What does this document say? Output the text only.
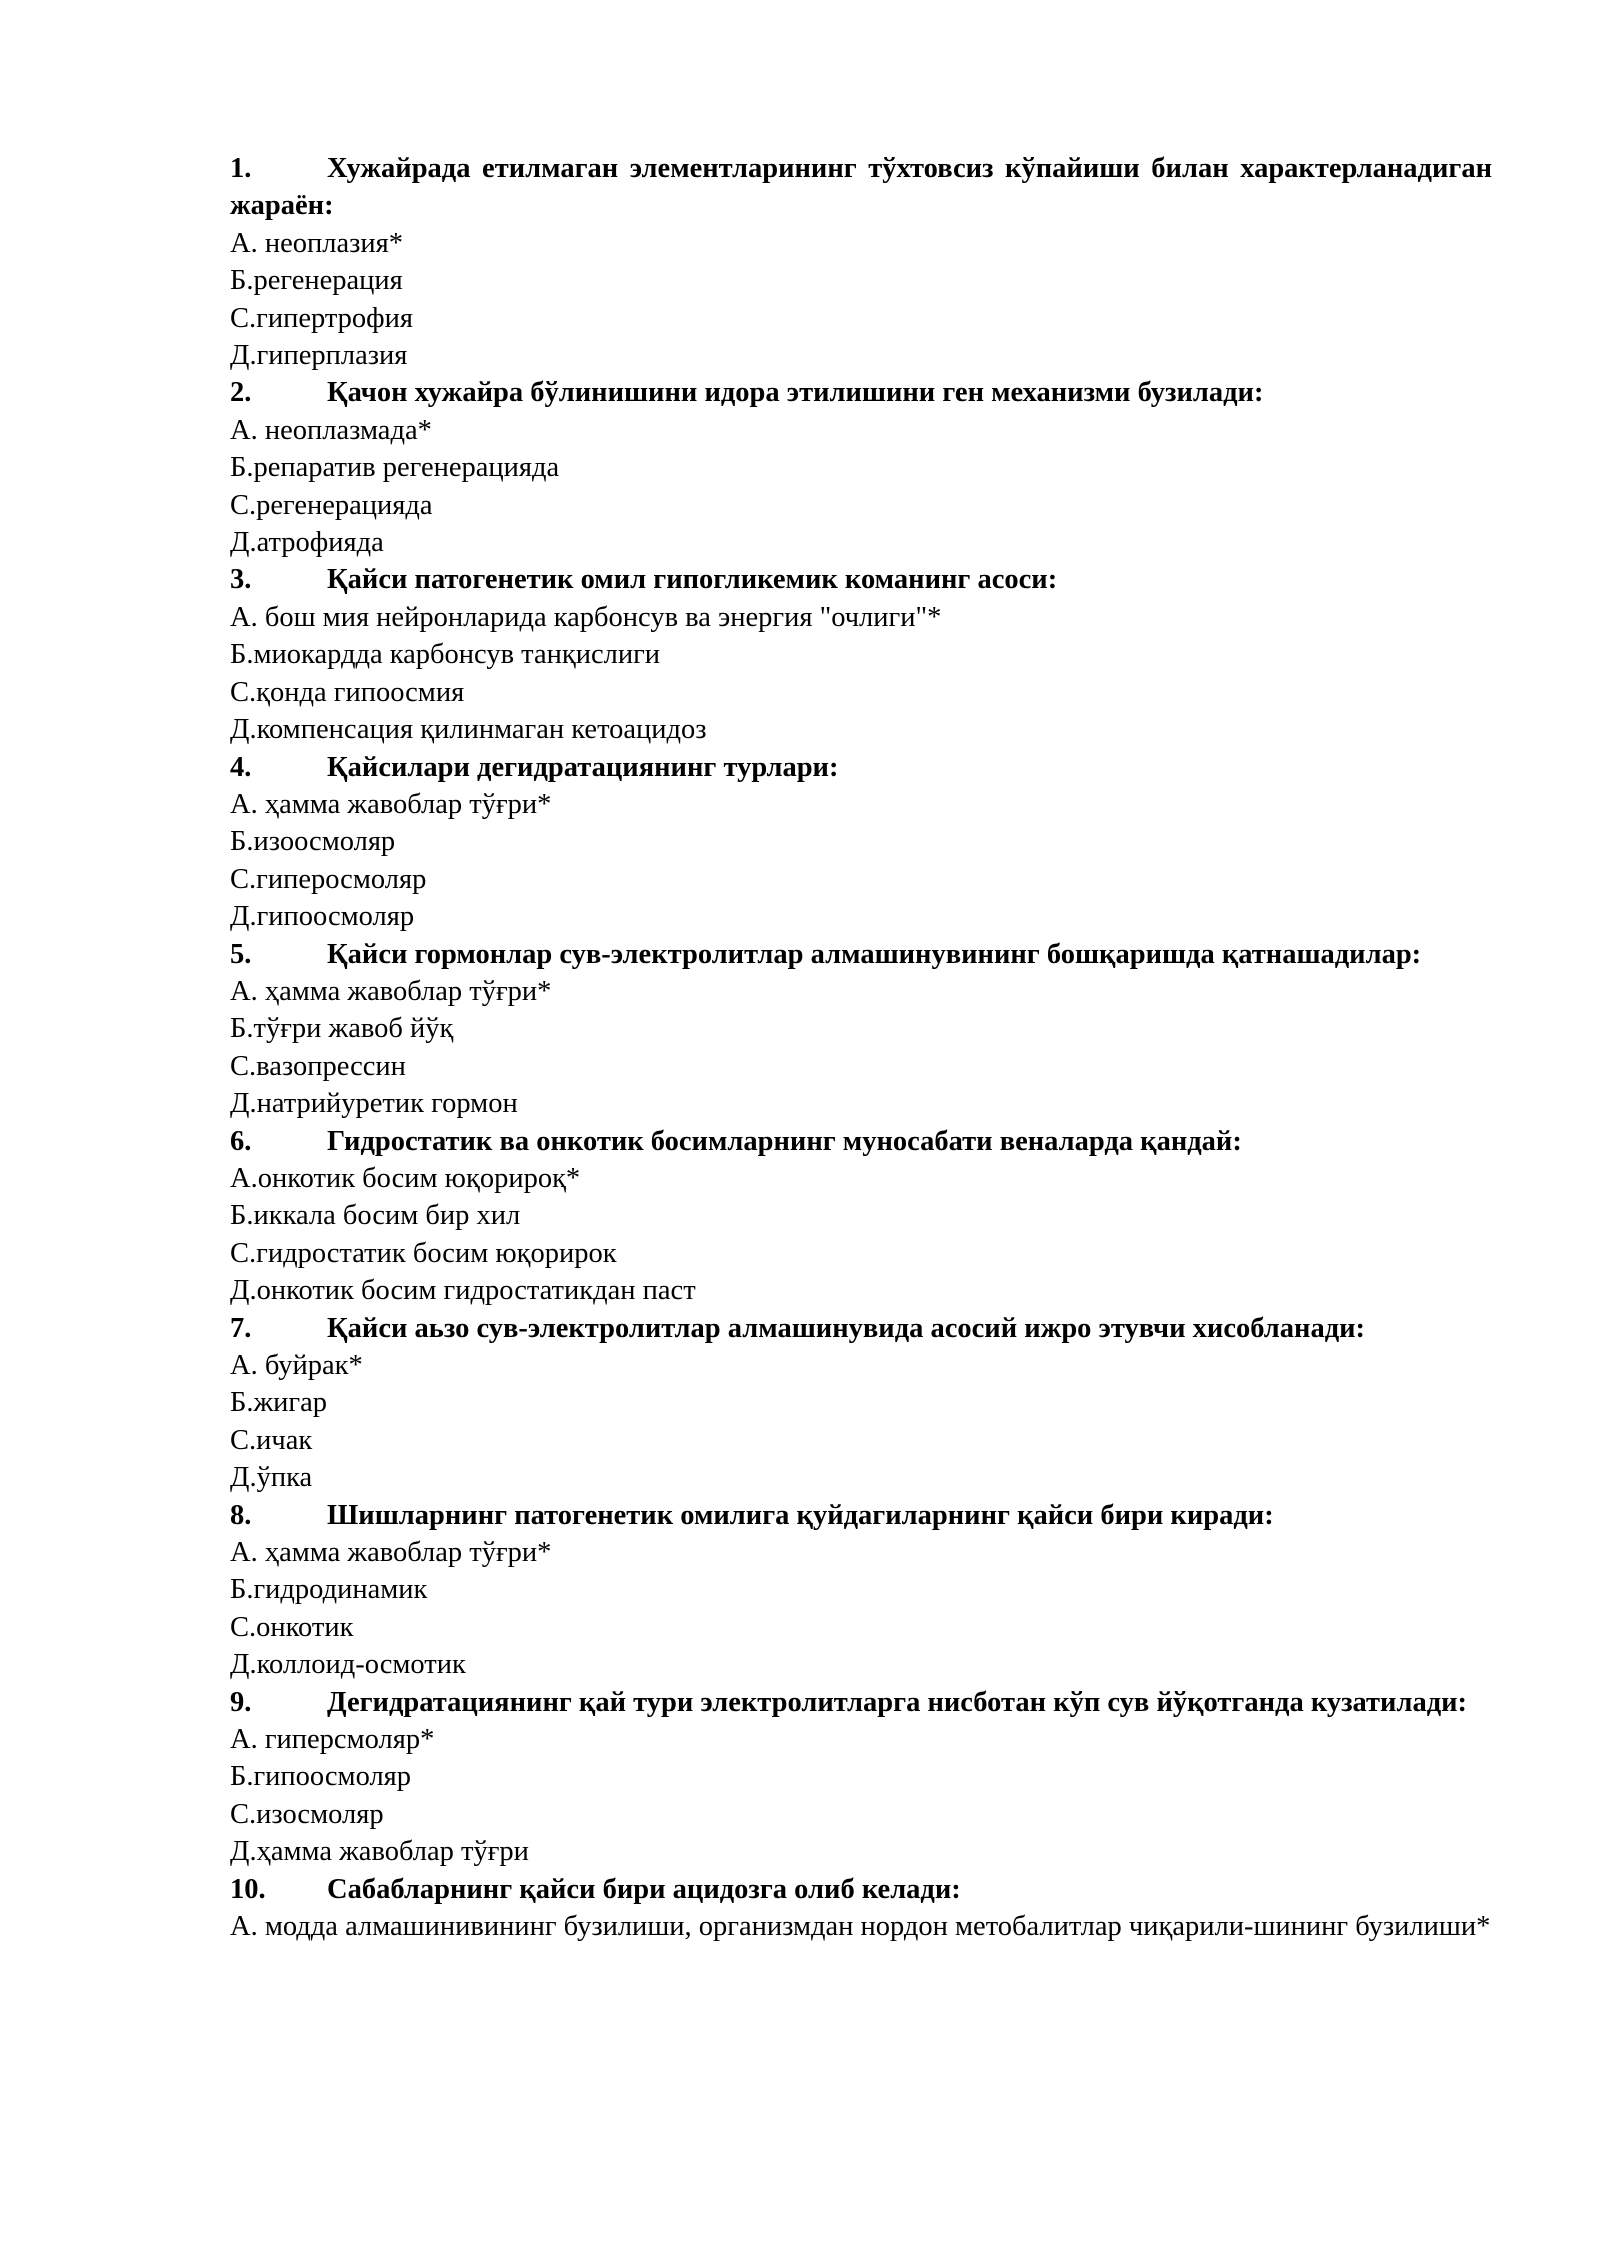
1.	Хужайрада етилмаган элементларининг тўхтовсиз кўпайиши билан характерланадиган жараён:
А. неоплазия*
Б.регенерация
С.гипертрофия
Д.гиперплазия
2.	Қачон хужайра бўлинишини идора этилишини ген механизми бузилади:
А. неоплазмада*
Б.репаратив регенерацияда
С.регенерацияда
Д.атрофияда
3.	Қайси патогенетик омил гипогликемик команинг асоси:
А. бош мия нейронларида карбонсув ва энергия "очлиги"*
Б.миокардда карбонсув танқислиги
С.қонда гипоосмия
Д.компенсация қилинмаган кетоацидоз
4.	Қайсилари дегидратациянинг турлари:
А. ҳамма жавоблар тўғри*
Б.изоосмоляр
С.гиперосмоляр
Д.гипоосмоляр
5.	Қайси гормонлар сув-электролитлар алмашинувининг бошқаришда қатнашадилар:
А. ҳамма жавоблар тўғри*
Б.тўғри жавоб йўқ
С.вазопрессин
Д.натрийуретик гормон
6.	Гидростатик ва онкотик босимларнинг муносабати веналарда қандай:
А.онкотик босим юқорироқ*
Б.иккала босим бир хил
С.гидростатик босим юқорирок
Д.онкотик босим гидростатикдан паст
7.	Қайси аьзо сув-электролитлар алмашинувида асосий ижро этувчи хисобланади:
А. буйрак*
Б.жигар
С.ичак
Д.ўпка
8.	Шишларнинг патогенетик омилига қуйдагиларнинг қайси бири киради:
А. ҳамма жавоблар тўғри*
Б.гидродинамик
С.онкотик
Д.коллоид-осмотик
9.	Дегидратациянинг қай тури электролитларга нисботан кўп сув йўқотганда кузатилади:
А. гиперсмоляр*
Б.гипоосмоляр
С.изосмоляр
Д.ҳамма жавоблар тўғри
10. Сабабларнинг қайси бири ацидозга олиб келади:
А. модда алмашинивининг бузилиши, организмдан нордон метобалитлар чиқарили-шининг бузилиши*
